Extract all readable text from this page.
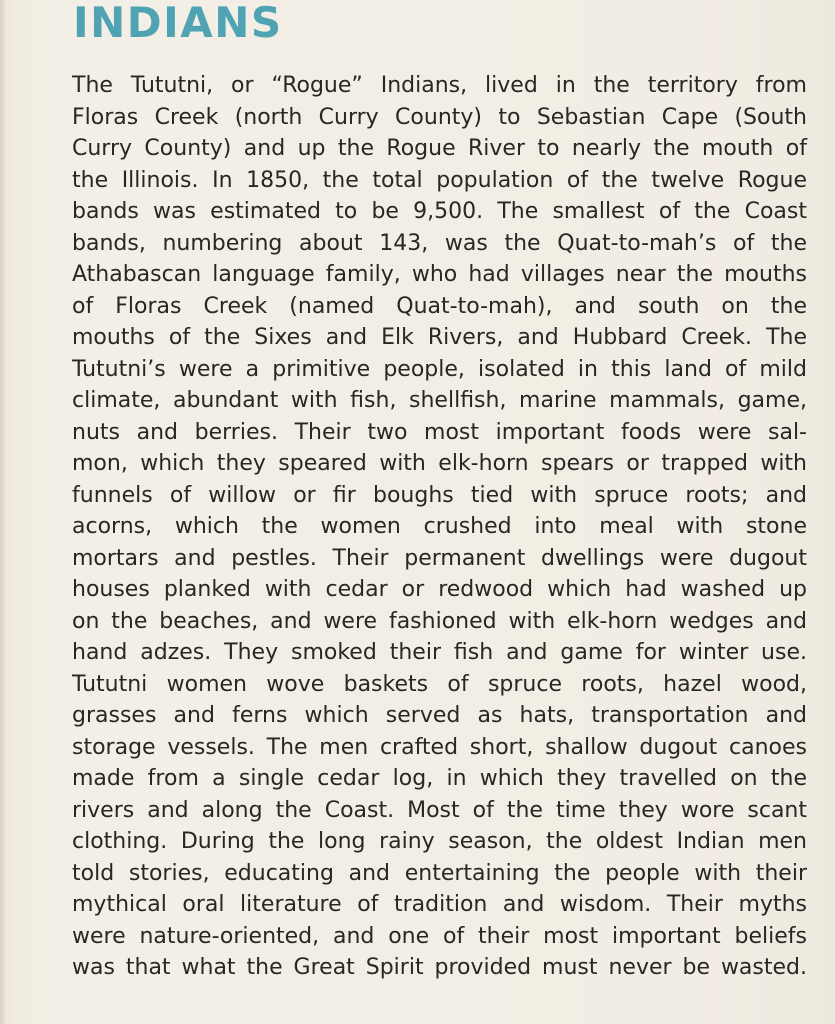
INDIANS
The Tututni, or “Rogue” Indians, lived in the territory from
Floras Creek (north Curry County) to Sebastian Cape (South
Curry County) and up the Rogue River to nearly the mouth of
the Illinois. In 1850, the total population of the twelve Rogue
bands was estimated to be 9,500. The smallest of the Coast
bands, numbering about 143, was the Quat-to-mah’s of the
Athabascan language family, who had villages near the mouths
of Floras Creek (named Quat-to-mah), and south on the
mouths of the Sixes and Elk Rivers, and Hubbard Creek. The
Tututni’s were a primitive people, isolated in this land of mild
climate, abundant with fish, shellfish, marine mammals, game,
nuts and berries. Their two most important foods were sal-
mon, which they speared with elk-horn spears or trapped with
funnels of willow or fir boughs tied with spruce roots; and
acorns, which the women crushed into meal with stone
mortars and pestles. Their permanent dwellings were dugout
houses planked with cedar or redwood which had washed up
on the beaches, and were fashioned with elk-horn wedges and
hand adzes. They smoked their fish and game for winter use.
Tututni women wove baskets of spruce roots, hazel wood,
grasses and ferns which served as hats, transportation and
storage vessels. The men crafted short, shallow dugout canoes
made from a single cedar log, in which they travelled on the
rivers and along the Coast. Most of the time they wore scant
clothing. During the long rainy season, the oldest Indian men
told stories, educating and entertaining the people with their
mythical oral literature of tradition and wisdom. Their myths
were nature-oriented, and one of their most important beliefs
was that what the Great Spirit provided must never be wasted.
